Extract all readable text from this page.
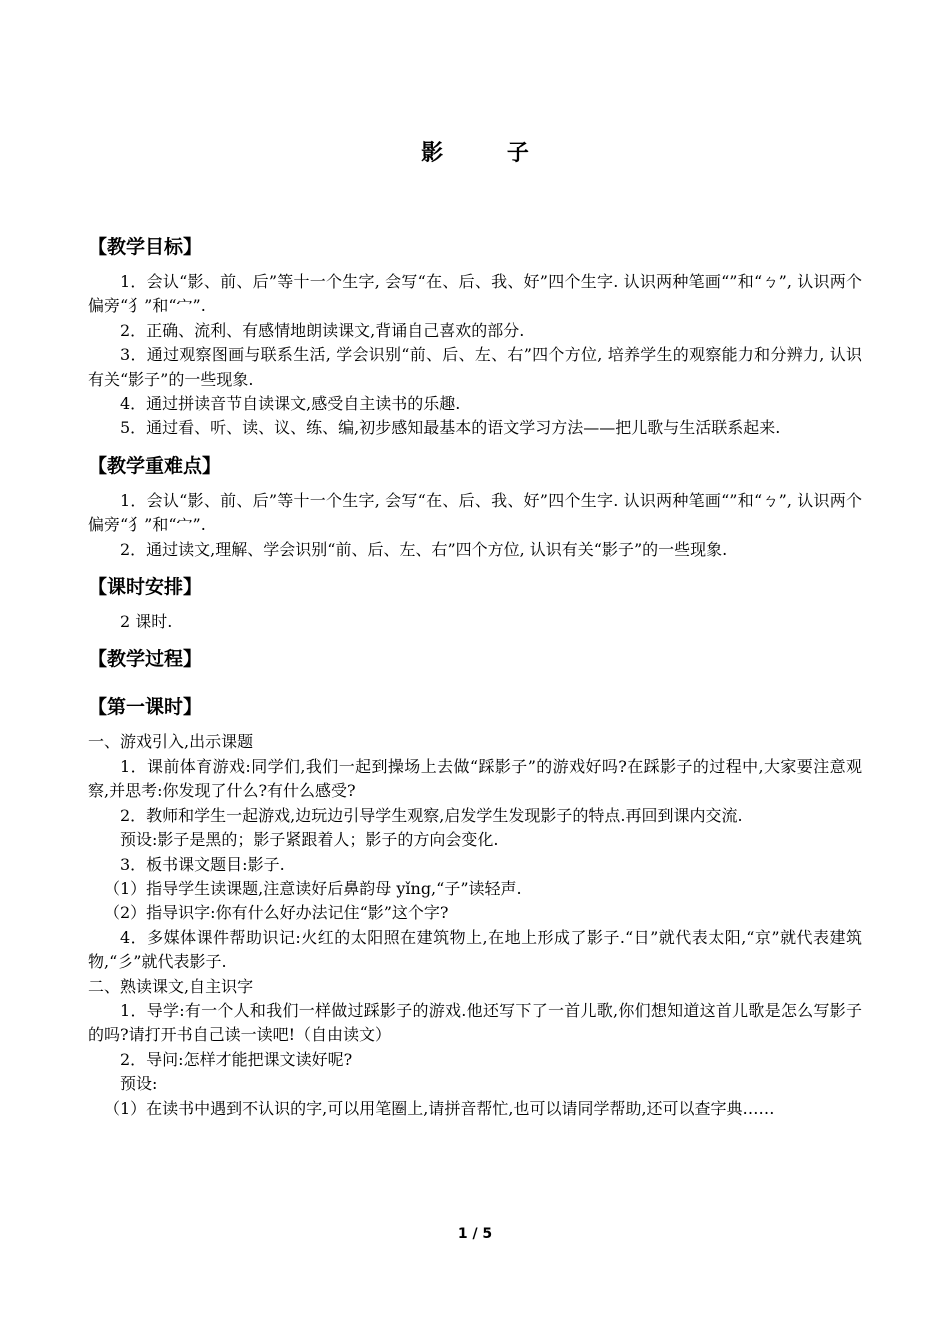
影 子
【教学目标】

1．会认“影、前、后”等十一个生字, 会写“在、后、我、好”四个生字. 认识两种笔画“”和“ㄅ”, 认识两个偏旁“犭”和“宀”.

2．正确、流利、有感情地朗读课文,背诵自己喜欢的部分.

3．通过观察图画与联系生活, 学会识别“前、后、左、右”四个方位, 培养学生的观察能力和分辨力, 认识有关“影子”的一些现象.

4．通过拼读音节自读课文,感受自主读书的乐趣.

5．通过看、听、读、议、练、编,初步感知最基本的语文学习方法——把儿歌与生活联系起来.

【教学重难点】

1．会认“影、前、后”等十一个生字, 会写“在、后、我、好”四个生字. 认识两种笔画“”和“ㄅ”, 认识两个偏旁“犭”和“宀”.

2．通过读文,理解、学会识别“前、后、左、右”四个方位, 认识有关“影子”的一些现象.

【课时安排】

2 课时.

【教学过程】
【第一课时】

一、游戏引入,出示课题

1．课前体育游戏:同学们,我们一起到操场上去做“踩影子”的游戏好吗?在踩影子的过程中,大家要注意观察,并思考:你发现了什么?有什么感受?

2．教师和学生一起游戏,边玩边引导学生观察,启发学生发现影子的特点.再回到课内交流.

预设:影子是黑的；影子紧跟着人；影子的方向会变化.

3．板书课文题目:影子.

（1）指导学生读课题,注意读好后鼻韵母 yǐng,“子”读轻声.

（2）指导识字:你有什么好办法记住“影”这个字?

4．多媒体课件帮助识记:火红的太阳照在建筑物上,在地上形成了影子.“日”就代表太阳,“京”就代表建筑物,“彡”就代表影子.

二、熟读课文,自主识字

1．导学:有一个人和我们一样做过踩影子的游戏.他还写下了一首儿歌,你们想知道这首儿歌是怎么写影子的吗?请打开书自己读一读吧!（自由读文）

2．导问:怎样才能把课文读好呢?

预设:

（1）在读书中遇到不认识的字,可以用笔圈上,请拼音帮忙,也可以请同学帮助,还可以查字典……

1 / 5
